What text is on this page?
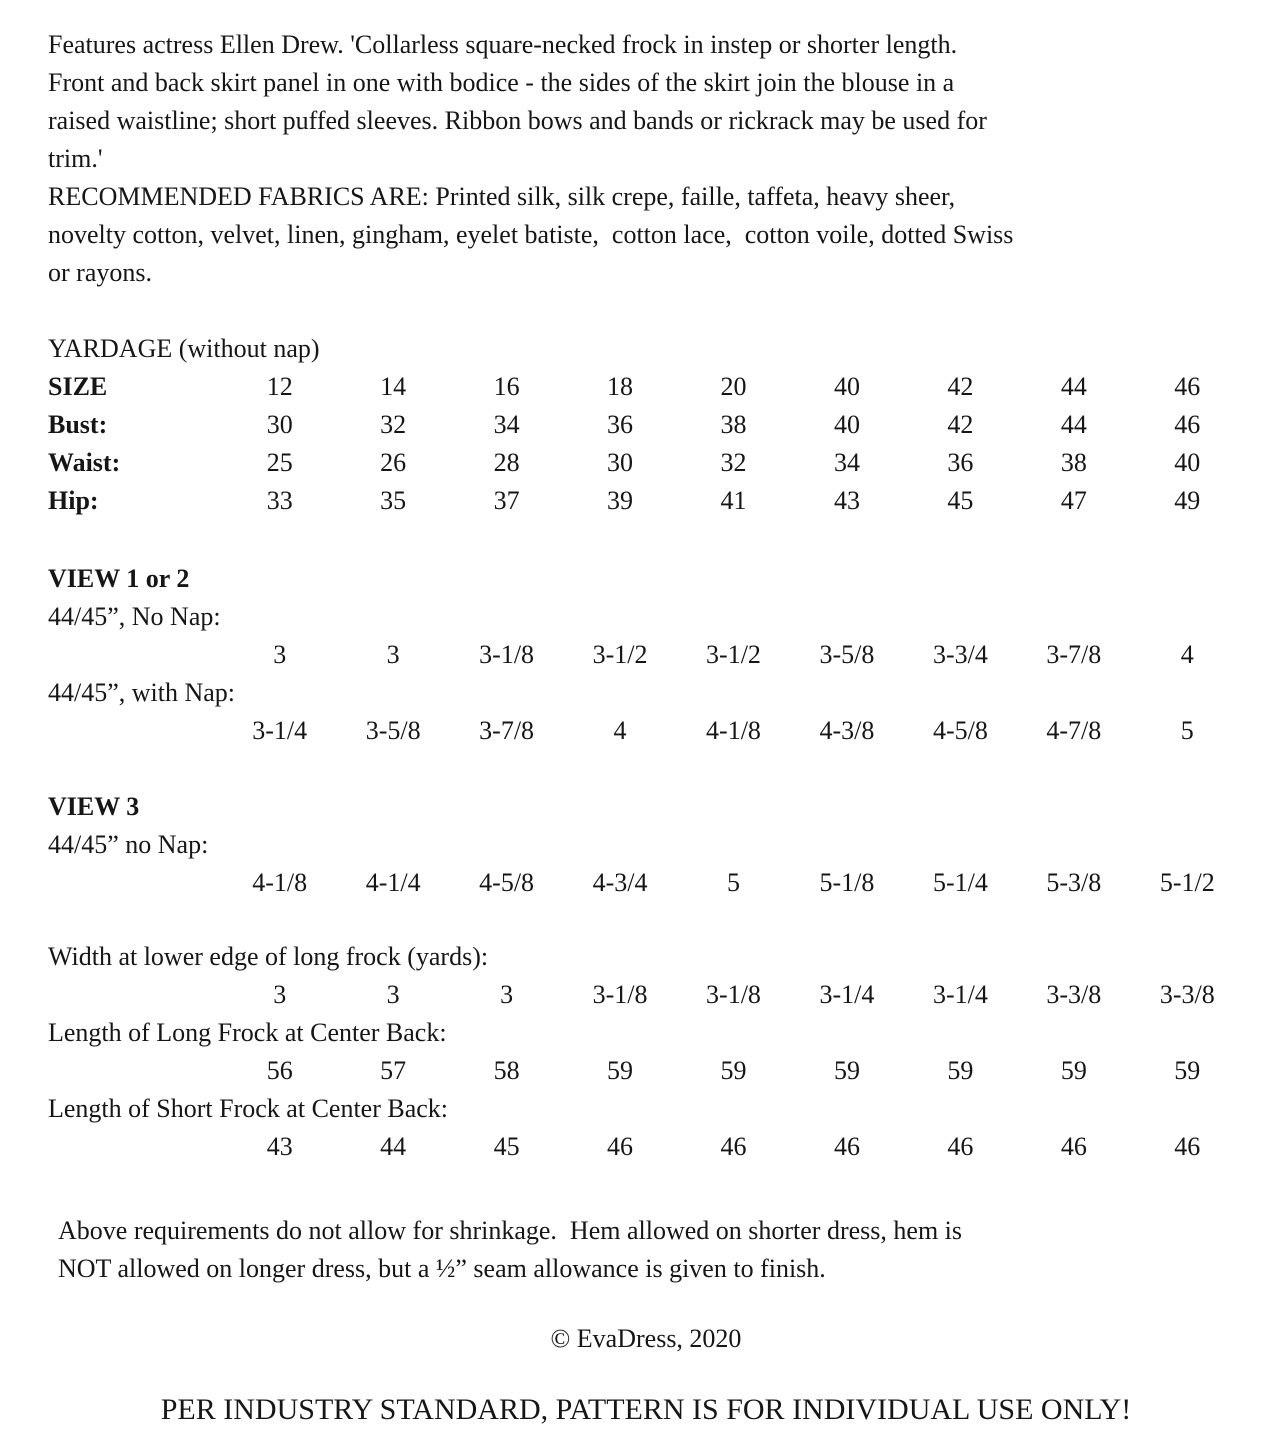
Features actress Ellen Drew. 'Collarless square-necked frock in instep or shorter length.
Front and back skirt panel in one with bodice - the sides of the skirt join the blouse in a
raised waistline; short puffed sleeves. Ribbon bows and bands or rickrack may be used for
trim.'
RECOMMENDED FABRICS ARE: Printed silk, silk crepe, faille, taffeta, heavy sheer,
novelty cotton, velvet, linen, gingham, eyelet batiste,  cotton lace,  cotton voile, dotted Swiss
or rayons.
YARDAGE (without nap)
SIZE	12	14	16	18	20	40	42	44	46
Bust:	30	32	34	36	38	40	42	44	46
Waist:	25	26	28	30	32	34	36	38	40
Hip:	33	35	37	39	41	43	45	47	49
VIEW 1 or 2
44/45”, No Nap:
3	3	3-1/8	3-1/2	3-1/2	3-5/8	3-3/4	3-7/8	4
44/45”, with Nap:
3-1/4	3-5/8	3-7/8	4	4-1/8	4-3/8	4-5/8	4-7/8	5
VIEW 3
44/45” no Nap:
4-1/8	4-1/4	4-5/8	4-3/4	5	5-1/8	5-1/4	5-3/8	5-1/2
Width at lower edge of long frock (yards):
3	3	3	3-1/8	3-1/8	3-1/4	3-1/4	3-3/8	3-3/8
Length of Long Frock at Center Back:
56	57	58	59	59	59	59	59	59
Length of Short Frock at Center Back:
43	44	45	46	46	46	46	46	46
Above requirements do not allow for shrinkage.  Hem allowed on shorter dress, hem is
NOT allowed on longer dress, but a ½” seam allowance is given to finish.
© EvaDress, 2020
PER INDUSTRY STANDARD, PATTERN IS FOR INDIVIDUAL USE ONLY!
